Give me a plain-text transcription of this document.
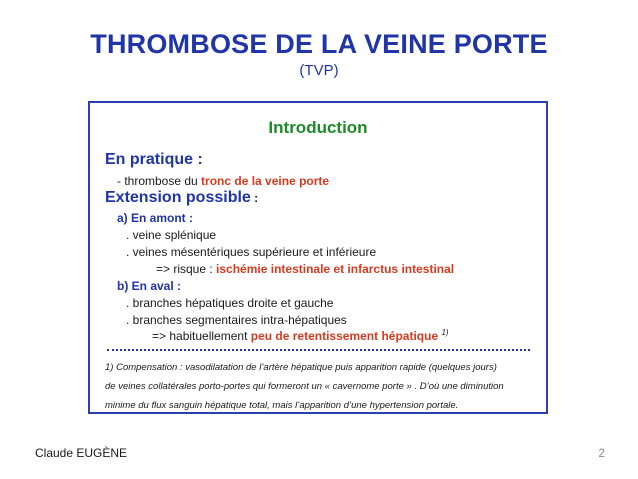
THROMBOSE DE LA VEINE PORTE
(TVP)
Introduction
En pratique :
- thrombose du tronc de la veine porte
Extension possible :
a) En amont :
. veine splénique
. veines mésentériques supérieure et inférieure
=> risque : ischémie intestinale et infarctus intestinal
b) En aval :
. branches hépatiques droite et gauche
. branches segmentaires intra-hépatiques
=> habituellement peu de retentissement hépatique $^{1)}$
1) Compensation : vasodilatation de l’artère hépatique puis apparition rapide (quelques jours)
de veines collatérales porto-portes qui formeront un « cavernome porte » . D’où une diminution
minime du flux sanguin hépatique total, mais l’apparition d’une hypertension portale.
Claude EUGÈNE	2
